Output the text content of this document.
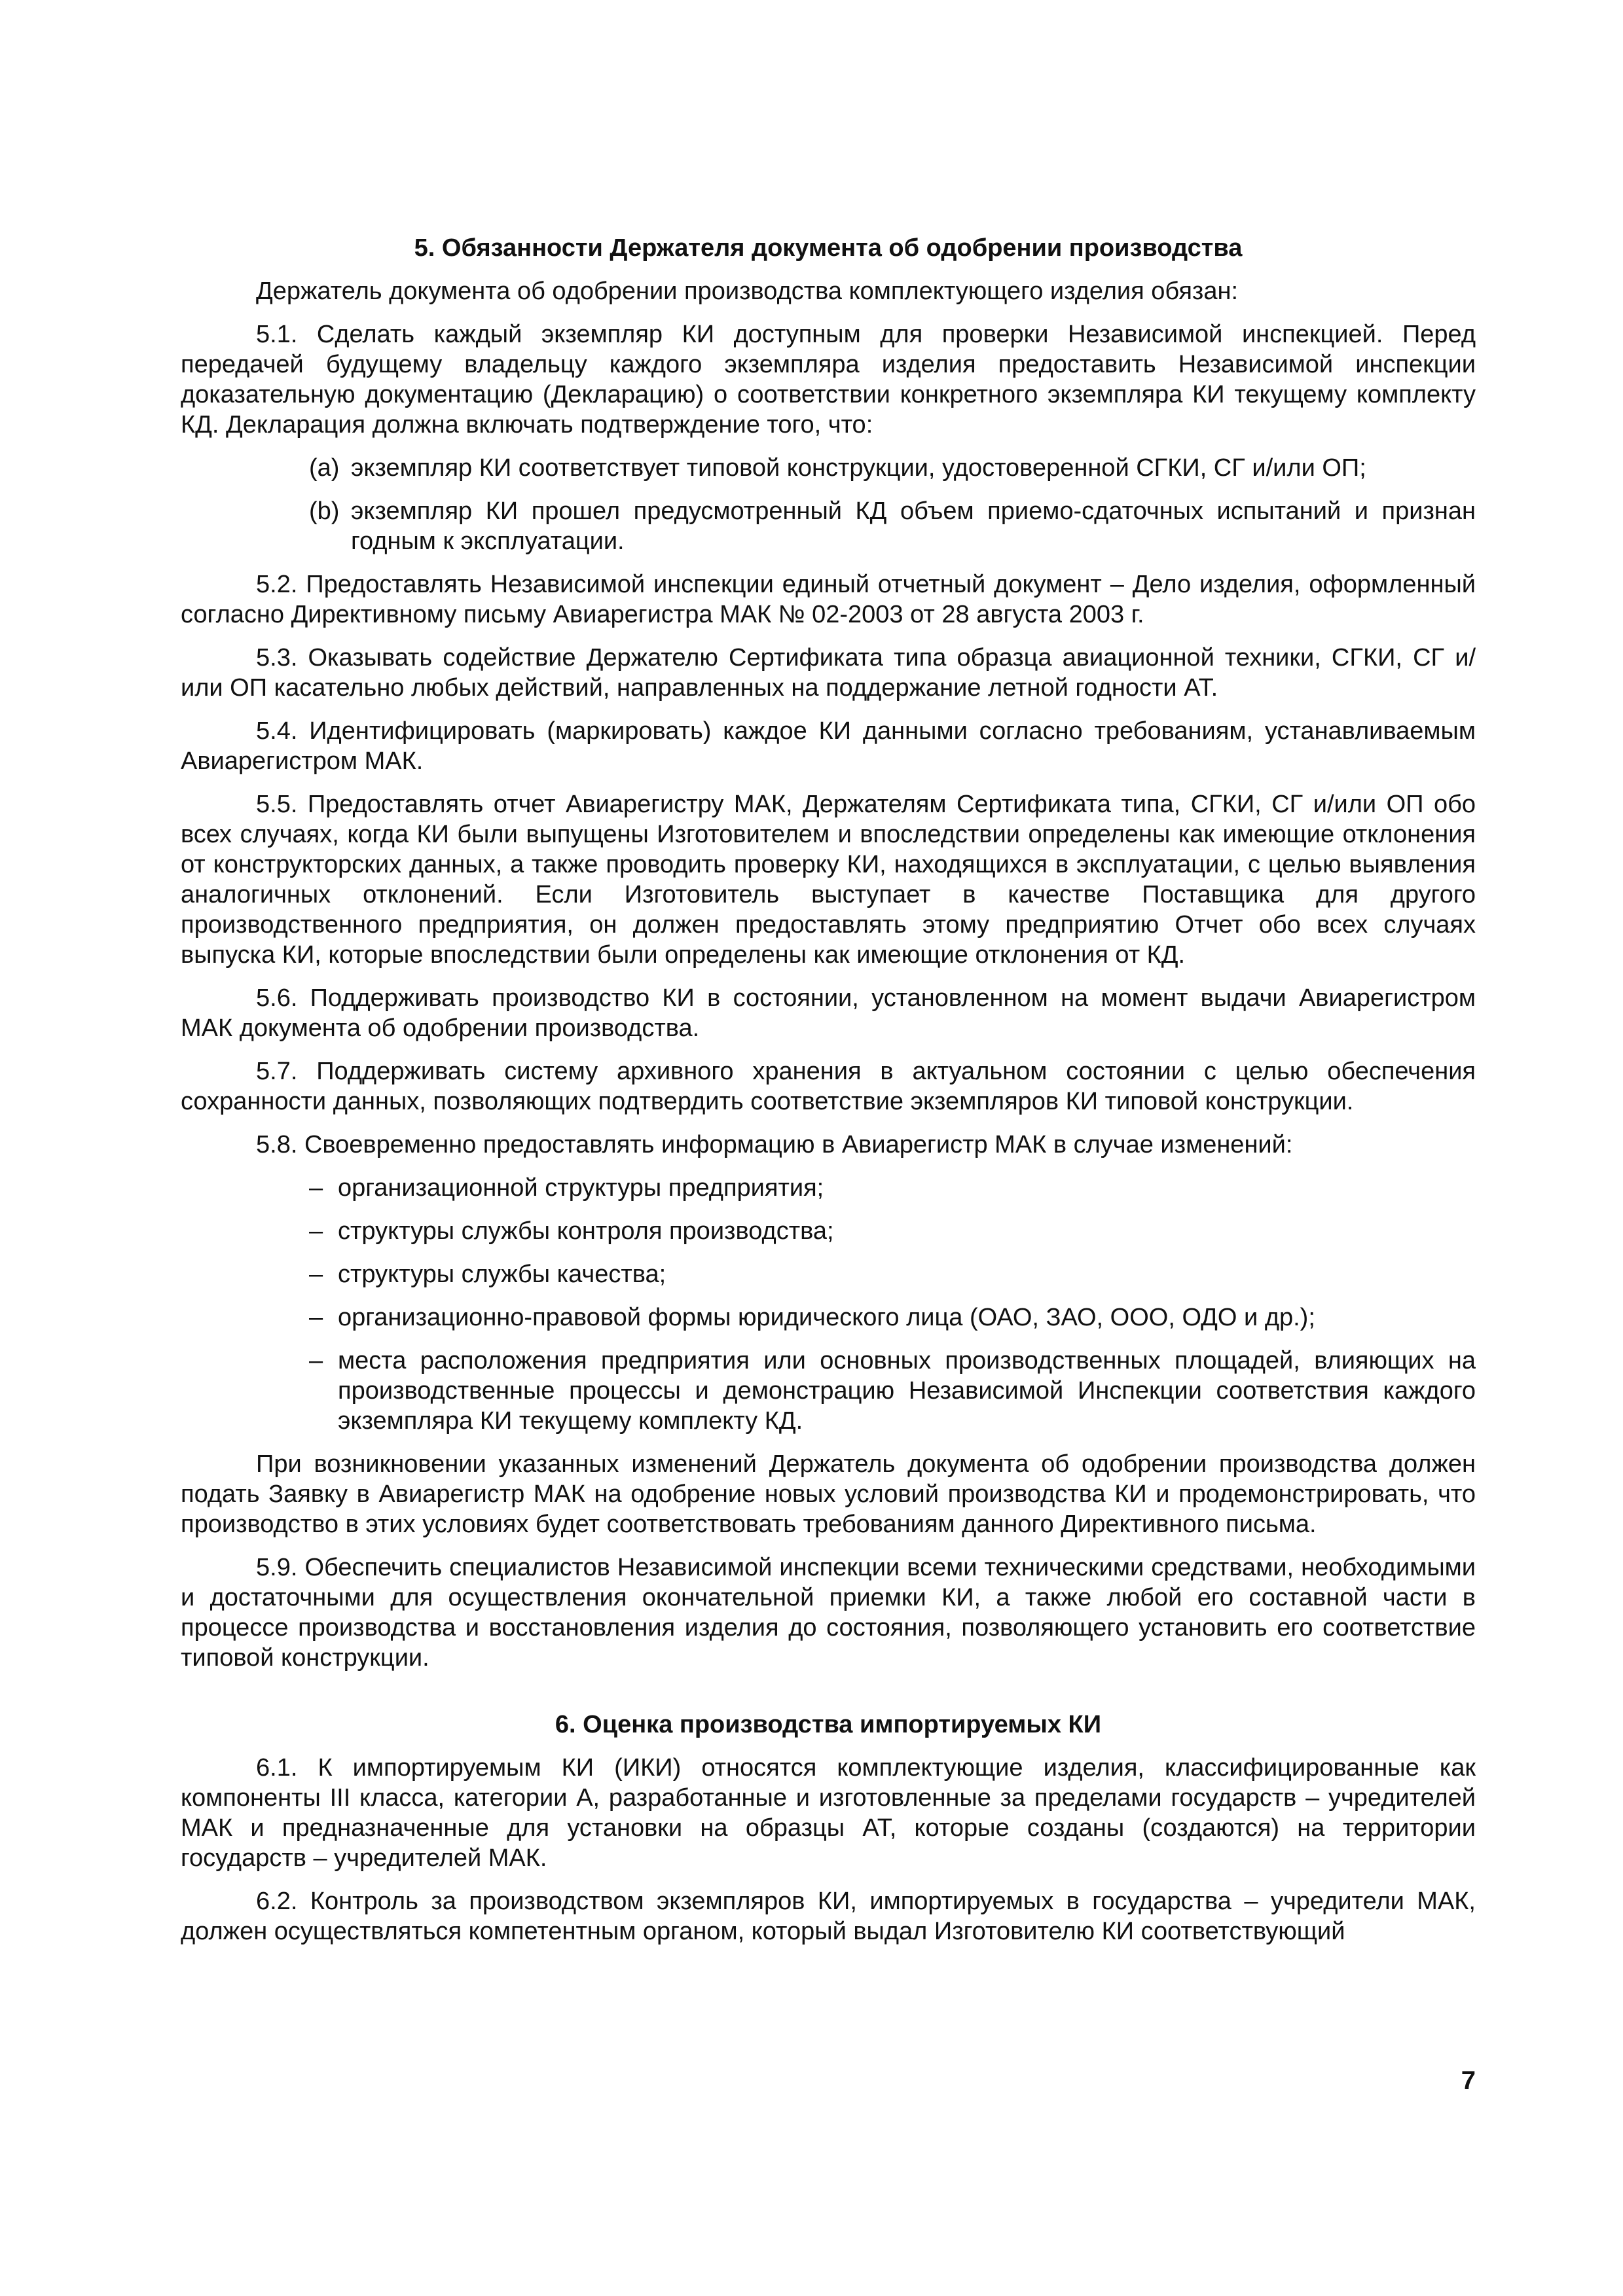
5. Обязанности Держателя документа об одобрении производства

Держатель документа об одобрении производства комплектующего изделия обязан:

5.1. Сделать каждый экземпляр КИ доступным для проверки Независимой инспекцией. Перед передачей будущему владельцу каждого экземпляра изделия предоставить Независимой инспекции доказательную документацию (Декларацию) о соответствии конкретного экземпляра КИ текущему комплекту КД. Декларация должна включать подтверждение того, что:

(a) экземпляр КИ соответствует типовой конструкции, удостоверенной СГКИ, СГ и/или ОП;
(b) экземпляр КИ прошел предусмотренный КД объем приемо-сдаточных испытаний и признан годным к эксплуатации.

5.2. Предоставлять Независимой инспекции единый отчетный документ – Дело изделия, оформленный согласно Директивному письму Авиарегистра МАК № 02-2003 от 28 августа 2003 г.

5.3. Оказывать содействие Держателю Сертификата типа образца авиационной техники, СГКИ, СГ и/или ОП касательно любых действий, направленных на поддержание летной годности АТ.

5.4. Идентифицировать (маркировать) каждое КИ данными согласно требованиям, устанавливаемым Авиарегистром МАК.

5.5. Предоставлять отчет Авиарегистру МАК, Держателям Сертификата типа, СГКИ, СГ и/или ОП обо всех случаях, когда КИ были выпущены Изготовителем и впоследствии определены как имеющие отклонения от конструкторских данных, а также проводить проверку КИ, находящихся в эксплуатации, с целью выявления аналогичных отклонений. Если Изготовитель выступает в качестве Поставщика для другого производственного предприятия, он должен предоставлять этому предприятию Отчет обо всех случаях выпуска КИ, которые впоследствии были определены как имеющие отклонения от КД.

5.6. Поддерживать производство КИ в состоянии, установленном на момент выдачи Авиарегистром МАК документа об одобрении производства.

5.7. Поддерживать систему архивного хранения в актуальном состоянии с целью обеспечения сохранности данных, позволяющих подтвердить соответствие экземпляров КИ типовой конструкции.

5.8. Своевременно предоставлять информацию в Авиарегистр МАК в случае изменений:

– организационной структуры предприятия;
– структуры службы контроля производства;
– структуры службы качества;
– организационно-правовой формы юридического лица (ОАО, ЗАО, ООО, ОДО и др.);
– места расположения предприятия или основных производственных площадей, влияющих на производственные процессы и демонстрацию Независимой Инспекции соответствия каждого экземпляра КИ текущему комплекту КД.

При возникновении указанных изменений Держатель документа об одобрении производства должен подать Заявку в Авиарегистр МАК на одобрение новых условий производства КИ и продемонстрировать, что производство в этих условиях будет соответствовать требованиям данного Директивного письма.

5.9. Обеспечить специалистов Независимой инспекции всеми техническими средствами, необходимыми и достаточными для осуществления окончательной приемки КИ, а также любой его составной части в процессе производства и восстановления изделия до состояния, позволяющего установить его соответствие типовой конструкции.

6. Оценка производства импортируемых КИ

6.1. К импортируемым КИ (ИКИ) относятся комплектующие изделия, классифицированные как компоненты III класса, категории А, разработанные и изготовленные за пределами государств – учредителей МАК и предназначенные для установки на образцы АТ, которые созданы (создаются) на территории государств – учредителей МАК.

6.2. Контроль за производством экземпляров КИ, импортируемых в государства – учредители МАК, должен осуществляться компетентным органом, который выдал Изготовителю КИ соответствующий

7
